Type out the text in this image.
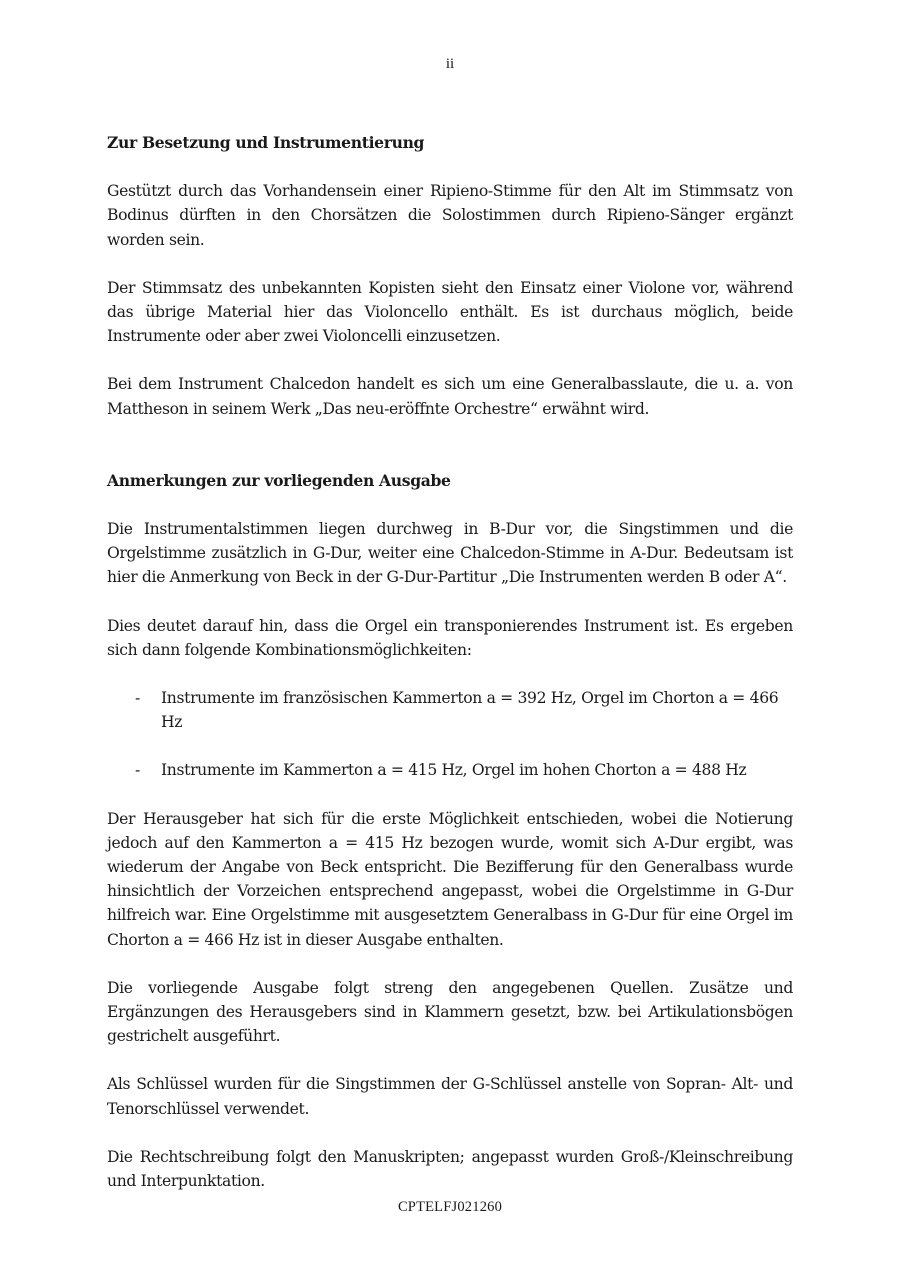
ii

Zur Besetzung und Instrumentierung

Gestützt durch das Vorhandensein einer Ripieno-Stimme für den Alt im Stimmsatz von Bodinus dürften in den Chorsätzen die Solostimmen durch Ripieno-Sänger ergänzt worden sein.

Der Stimmsatz des unbekannten Kopisten sieht den Einsatz einer Violone vor, während das übrige Material hier das Violoncello enthält. Es ist durchaus möglich, beide Instrumente oder aber zwei Violoncelli einzusetzen.

Bei dem Instrument Chalcedon handelt es sich um eine Generalbasslaute, die u. a. von Mattheson in seinem Werk „Das neu-eröffnte Orchestre“ erwähnt wird.

Anmerkungen zur vorliegenden Ausgabe

Die Instrumentalstimmen liegen durchweg in B-Dur vor, die Singstimmen und die Orgelstimme zusätzlich in G-Dur, weiter eine Chalcedon-Stimme in A-Dur. Bedeutsam ist hier die Anmerkung von Beck in der G-Dur-Partitur „Die Instrumenten werden B oder A“.

Dies deutet darauf hin, dass die Orgel ein transponierendes Instrument ist. Es ergeben sich dann folgende Kombinationsmöglichkeiten:

-	Instrumente im französischen Kammerton a = 392 Hz, Orgel im Chorton a = 466 Hz

-	Instrumente im Kammerton a = 415 Hz, Orgel im hohen Chorton a = 488 Hz

Der Herausgeber hat sich für die erste Möglichkeit entschieden, wobei die Notierung jedoch auf den Kammerton a = 415 Hz bezogen wurde, womit sich A-Dur ergibt, was wiederum der Angabe von Beck entspricht. Die Bezifferung für den Generalbass wurde hinsichtlich der Vorzeichen entsprechend angepasst, wobei die Orgelstimme in G-Dur hilfreich war. Eine Orgelstimme mit ausgesetztem Generalbass in G-Dur für eine Orgel im Chorton a = 466 Hz ist in dieser Ausgabe enthalten.

Die vorliegende Ausgabe folgt streng den angegebenen Quellen. Zusätze und Ergänzungen des Herausgebers sind in Klammern gesetzt, bzw. bei Artikulationsbögen gestrichelt ausgeführt.

Als Schlüssel wurden für die Singstimmen der G-Schlüssel anstelle von Sopran- Alt- und Tenorschlüssel verwendet.

Die Rechtschreibung folgt den Manuskripten; angepasst wurden Groß-/Kleinschreibung und Interpunktation.

CPTELFJ021260
